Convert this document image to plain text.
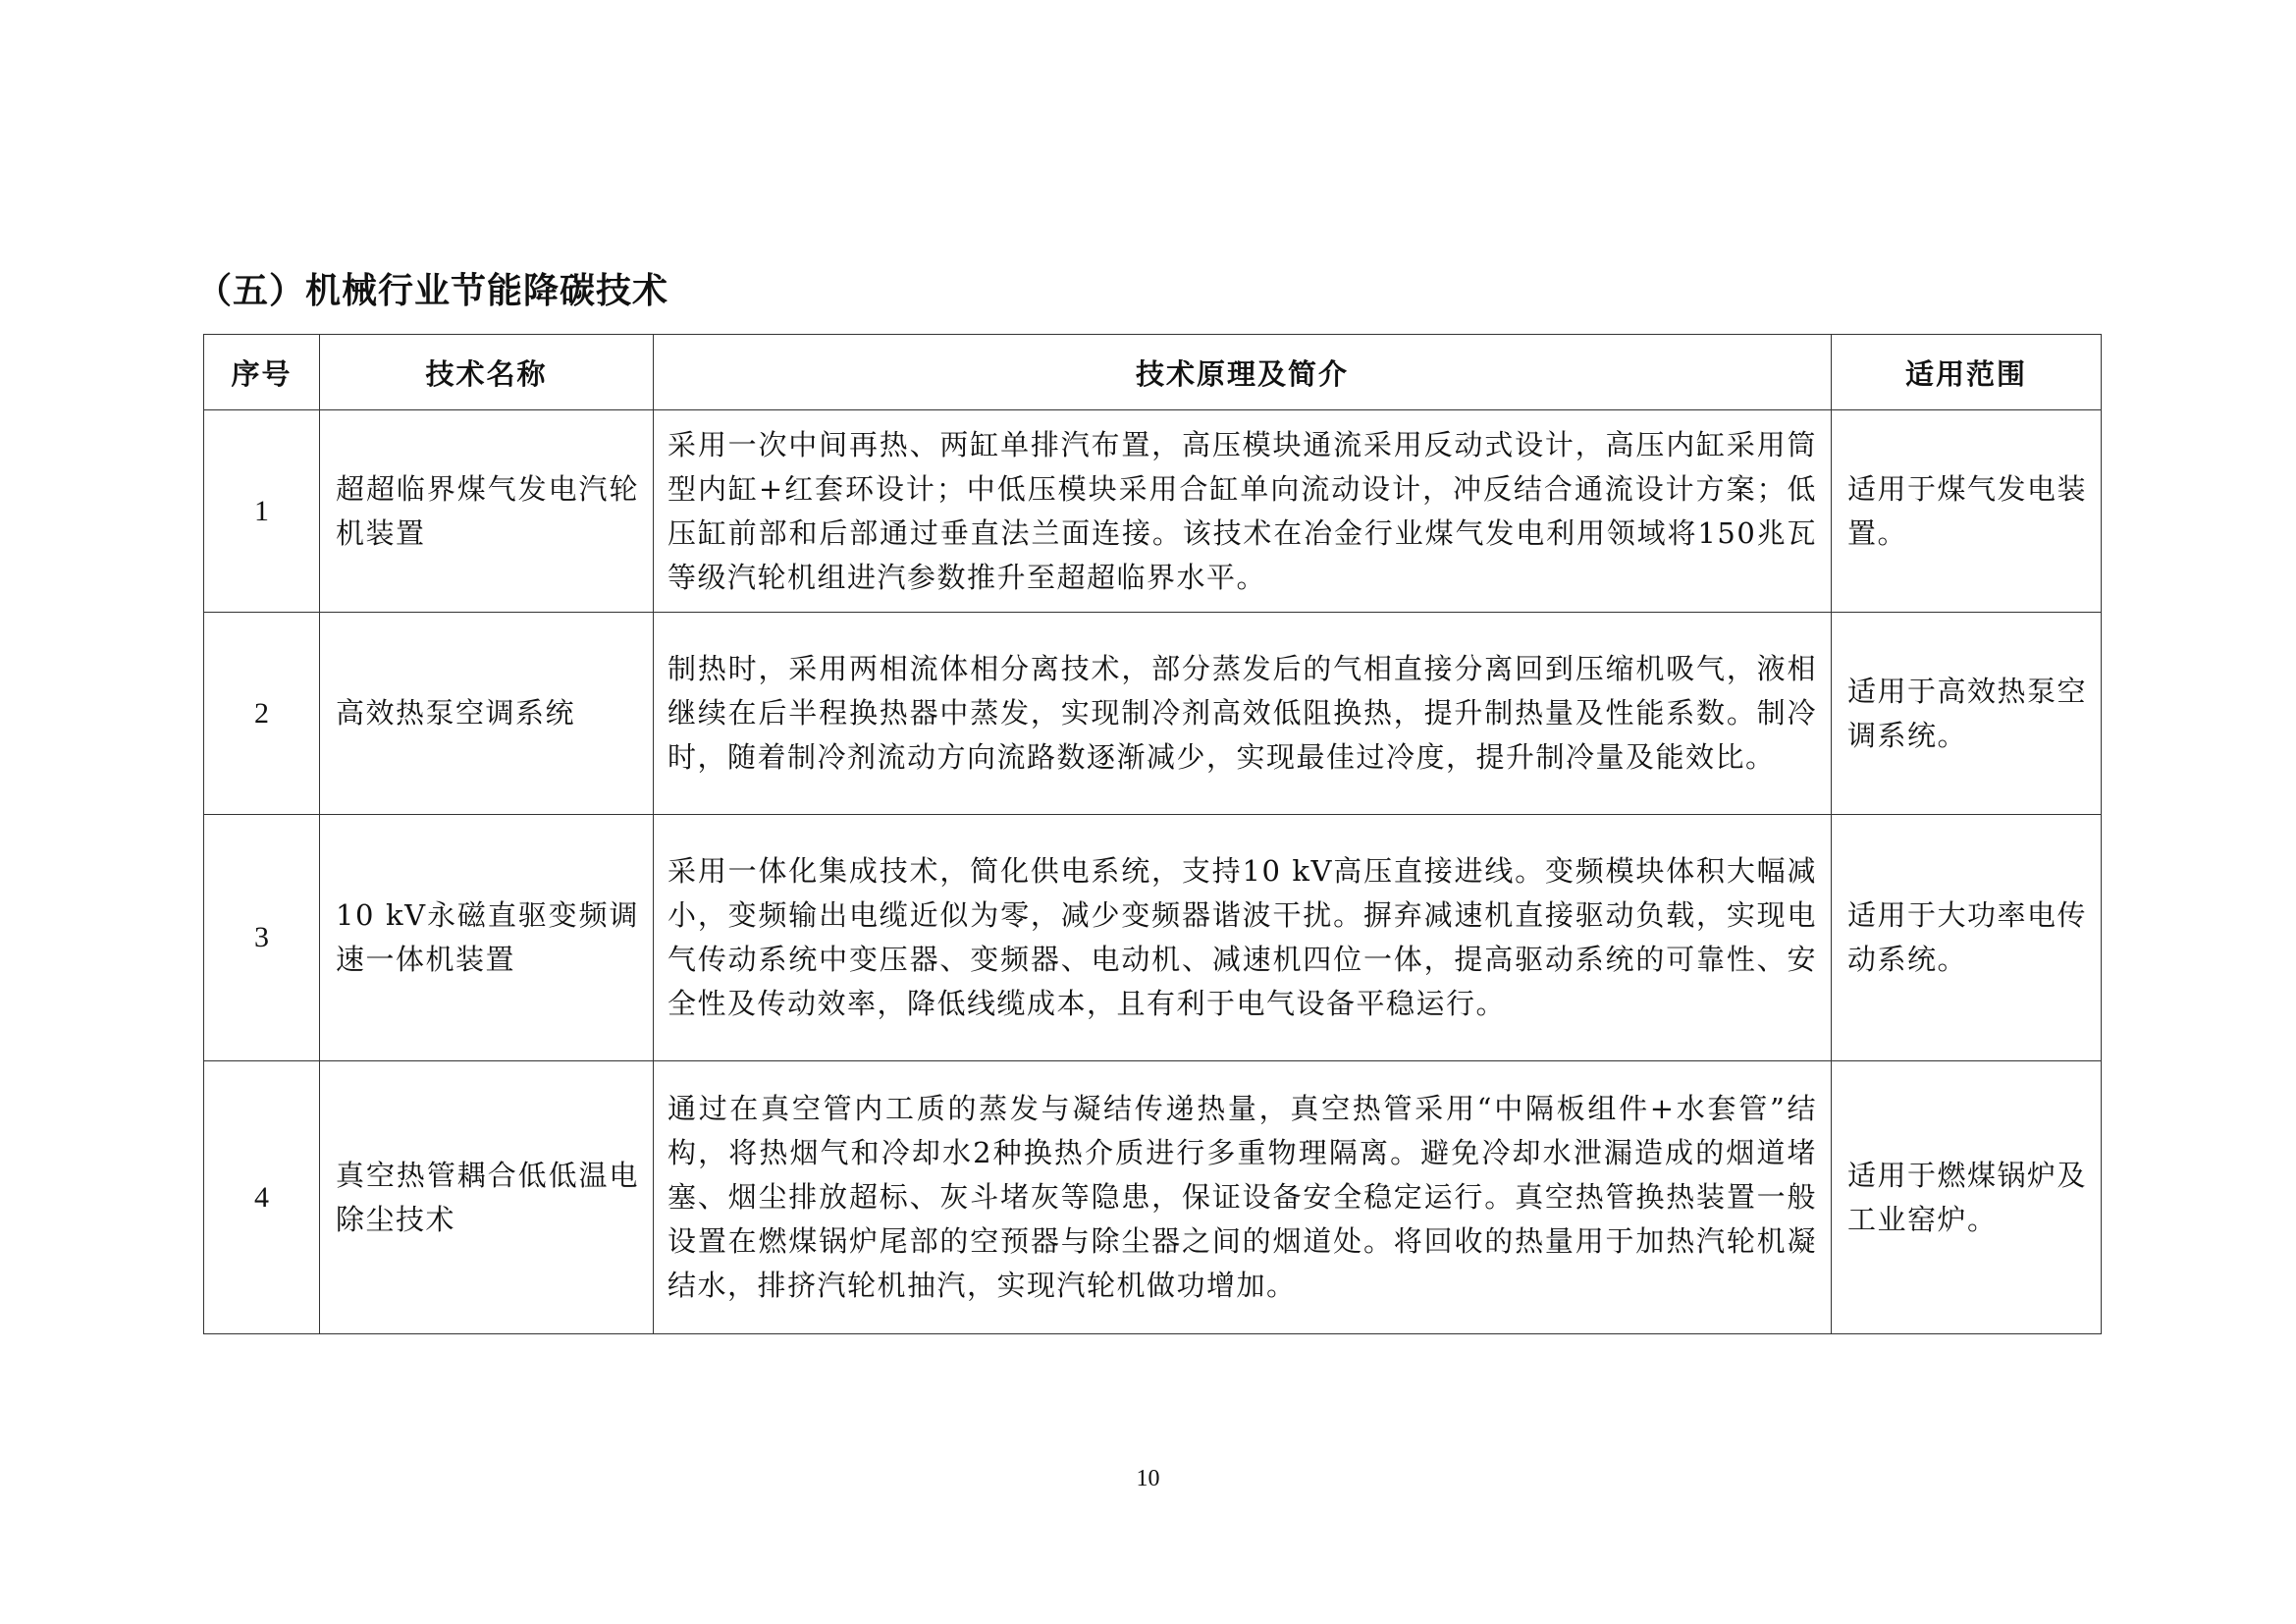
（五）机械行业节能降碳技术
序号	技术名称	技术原理及简介	适用范围
1	超超临界煤气发电汽轮机装置	采用一次中间再热、两缸单排汽布置，高压模块通流采用反动式设计，高压内缸采用筒型内缸+红套环设计；中低压模块采用合缸单向流动设计，冲反结合通流设计方案；低压缸前部和后部通过垂直法兰面连接。该技术在冶金行业煤气发电利用领域将150兆瓦等级汽轮机组进汽参数推升至超超临界水平。	适用于煤气发电装置。
2	高效热泵空调系统	制热时，采用两相流体相分离技术，部分蒸发后的气相直接分离回到压缩机吸气，液相继续在后半程换热器中蒸发，实现制冷剂高效低阻换热，提升制热量及性能系数。制冷时，随着制冷剂流动方向流路数逐渐减少，实现最佳过冷度，提升制冷量及能效比。	适用于高效热泵空调系统。
3	10 kV永磁直驱变频调速一体机装置	采用一体化集成技术，简化供电系统，支持10 kV高压直接进线。变频模块体积大幅减小，变频输出电缆近似为零，减少变频器谐波干扰。摒弃减速机直接驱动负载，实现电气传动系统中变压器、变频器、电动机、减速机四位一体，提高驱动系统的可靠性、安全性及传动效率，降低线缆成本，且有利于电气设备平稳运行。	适用于大功率电传动系统。
4	真空热管耦合低低温电除尘技术	通过在真空管内工质的蒸发与凝结传递热量，真空热管采用“中隔板组件+水套管”结构，将热烟气和冷却水2种换热介质进行多重物理隔离。避免冷却水泄漏造成的烟道堵塞、烟尘排放超标、灰斗堵灰等隐患，保证设备安全稳定运行。真空热管换热装置一般设置在燃煤锅炉尾部的空预器与除尘器之间的烟道处。将回收的热量用于加热汽轮机凝结水，排挤汽轮机抽汽，实现汽轮机做功增加。	适用于燃煤锅炉及工业窑炉。
10
